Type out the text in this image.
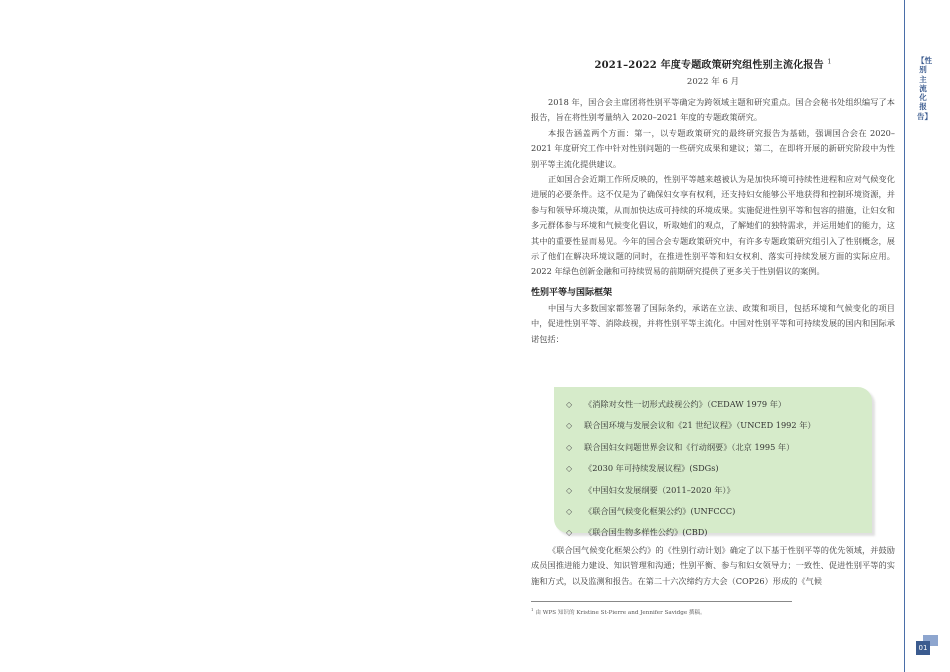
2021–2022 年度专题政策研究组性别主流化报告 $^1$
2022 年 6 月

2018 年，国合会主席团将性别平等确定为跨领域主题和研究重点。国合会秘书处组织编写了本报告，旨在将性别考量纳入 2020–2021 年度的专题政策研究。

本报告涵盖两个方面：第一，以专题政策研究的最终研究报告为基础，强调国合会在 2020–2021 年度研究工作中针对性别问题的一些研究成果和建议；第二，在即将开展的新研究阶段中为性别平等主流化提供建议。

正如国合会近期工作所反映的，性别平等越来越被认为是加快环境可持续性进程和应对气候变化进展的必要条件。这不仅是为了确保妇女享有权利，还支持妇女能够公平地获得和控制环境资源，并参与和领导环境决策，从而加快达成可持续的环境成果。实施促进性别平等和包容的措施，让妇女和多元群体参与环境和气候变化倡议，听取她们的观点，了解她们的独特需求，并运用她们的能力，这其中的重要性显而易见。今年的国合会专题政策研究中，有许多专题政策研究组引入了性别概念，展示了他们在解决环境议题的同时，在推进性别平等和妇女权利、落实可持续发展方面的实际应用。2022 年绿色创新金融和可持续贸易的前期研究提供了更多关于性别倡议的案例。

性别平等与国际框架

中国与大多数国家都签署了国际条约，承诺在立法、政策和项目，包括环境和气候变化的项目中，促进性别平等、消除歧视，并将性别平等主流化。中国对性别平等和可持续发展的国内和国际承诺包括：

◇ 《消除对女性一切形式歧视公约》（CEDAW 1979 年）
◇ 联合国环境与发展会议和《21 世纪议程》（UNCED 1992 年）
◇ 联合国妇女问题世界会议和《行动纲要》（北京 1995 年）
◇ 《2030 年可持续发展议程》(SDGs)
◇ 《中国妇女发展纲要（2011–2020 年）》
◇ 《联合国气候变化框架公约》(UNFCCC)
◇ 《联合国生物多样性公约》(CBD)

《联合国气候变化框架公约》的《性别行动计划》确定了以下基于性别平等的优先领域，并鼓励成员国推进能力建设、知识管理和沟通；性别平衡、参与和妇女领导力；一致性、促进性别平等的实施和方式，以及监测和报告。在第二十六次缔约方大会（COP26）形成的《气候

$^1$ 由 WPS 知识的 Kristine St-Pierre and Jennifer Savidge 撰稿。
【性别主流化报告】
01
